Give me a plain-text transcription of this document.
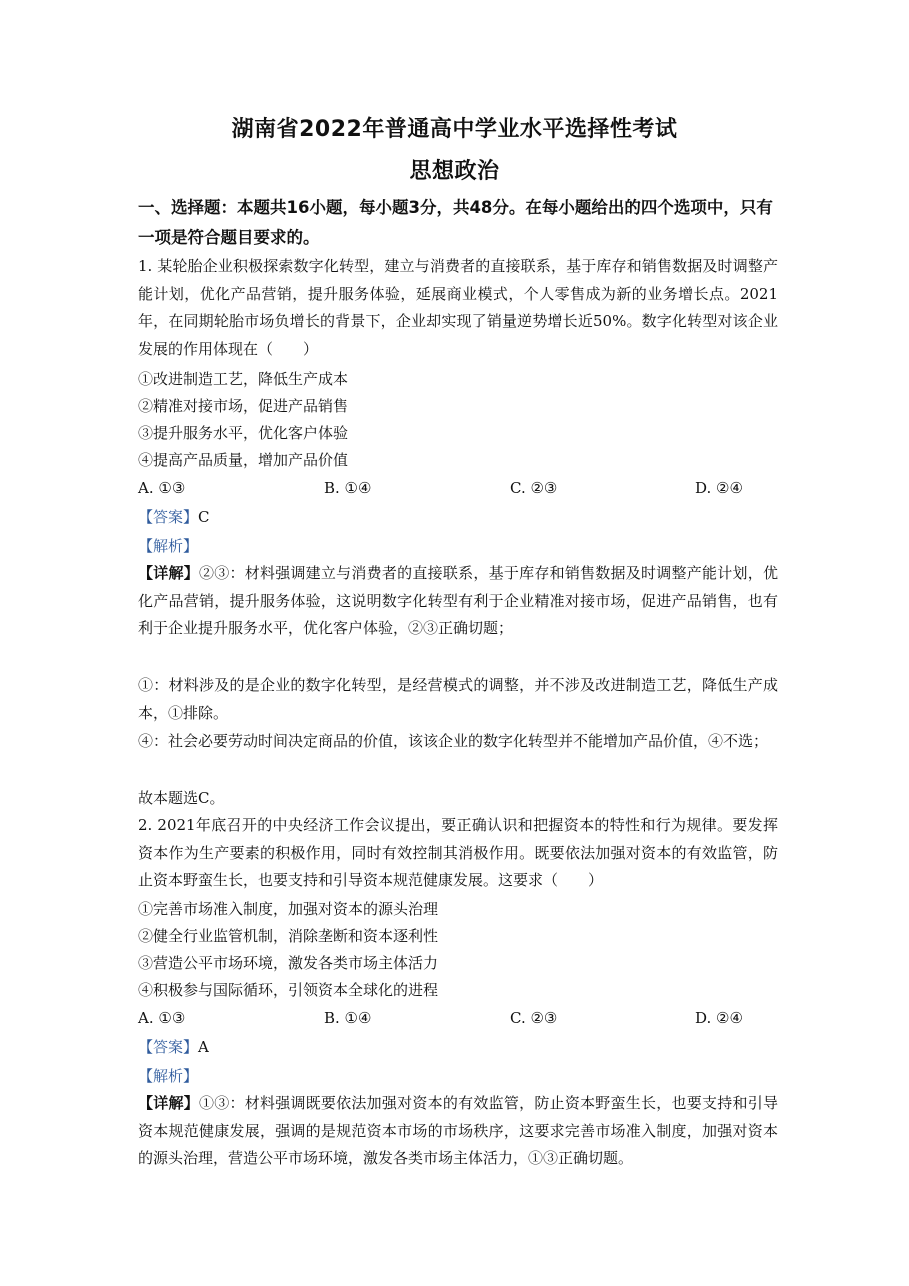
湖南省2022年普通高中学业水平选择性考试
思想政治
一、选择题：本题共16小题，每小题3分，共48分。在每小题给出的四个选项中，只有一项是符合题目要求的。
1. 某轮胎企业积极探索数字化转型，建立与消费者的直接联系，基于库存和销售数据及时调整产能计划，优化产品营销，提升服务体验，延展商业模式，个人零售成为新的业务增长点。2021年，在同期轮胎市场负增长的背景下，企业却实现了销量逆势增长近50%。数字化转型对该企业发展的作用体现在（　　）
①改进制造工艺，降低生产成本
②精准对接市场，促进产品销售
③提升服务水平，优化客户体验
④提高产品质量，增加产品价值
A. ①③	B. ①④	C. ②③	D. ②④
【答案】C
【解析】
【详解】②③：材料强调建立与消费者的直接联系，基于库存和销售数据及时调整产能计划，优化产品营销，提升服务体验，这说明数字化转型有利于企业精准对接市场，促进产品销售，也有利于企业提升服务水平，优化客户体验，②③正确切题；
①：材料涉及的是企业的数字化转型，是经营模式的调整，并不涉及改进制造工艺，降低生产成本，①排除。
④：社会必要劳动时间决定商品的价值，该该企业的数字化转型并不能增加产品价值，④不选；
故本题选C。
2. 2021年底召开的中央经济工作会议提出，要正确认识和把握资本的特性和行为规律。要发挥资本作为生产要素的积极作用，同时有效控制其消极作用。既要依法加强对资本的有效监管，防止资本野蛮生长，也要支持和引导资本规范健康发展。这要求（　　）
①完善市场准入制度，加强对资本的源头治理
②健全行业监管机制，消除垄断和资本逐利性
③营造公平市场环境，激发各类市场主体活力
④积极参与国际循环，引领资本全球化的进程
A. ①③	B. ①④	C. ②③	D. ②④
【答案】A
【解析】
【详解】①③：材料强调既要依法加强对资本的有效监管，防止资本野蛮生长，也要支持和引导资本规范健康发展，强调的是规范资本市场的市场秩序，这要求完善市场准入制度，加强对资本的源头治理，营造公平市场环境，激发各类市场主体活力，①③正确切题。
